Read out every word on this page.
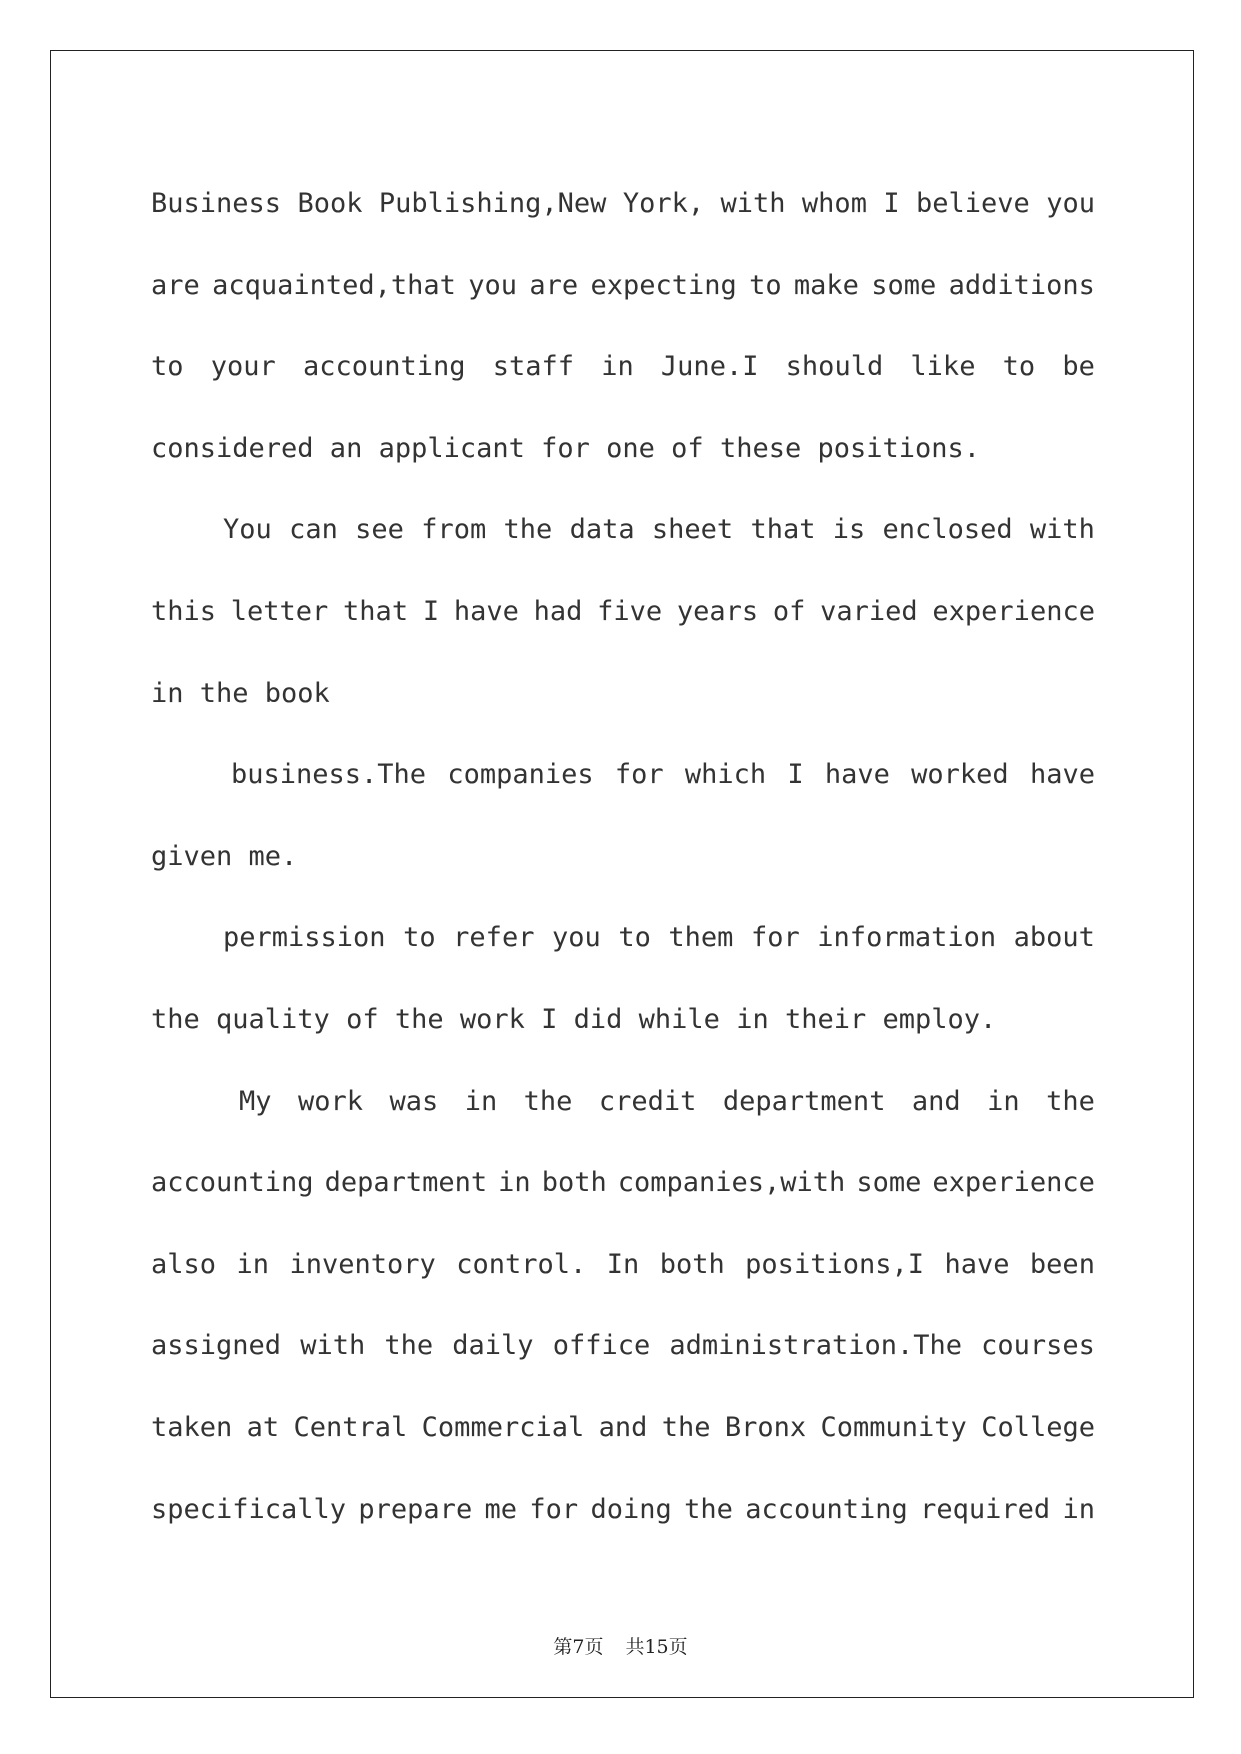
Business Book Publishing,New York, with whom I believe you
are acquainted,that you are expecting to make some additions
to your accounting staff in June.I should like to be
considered an applicant for one of these positions.
You can see from the data sheet that is enclosed with
this letter that I have had five years of varied experience
in the book
business.The companies for which I have worked have
given me.
permission to refer you to them for information about
the quality of the work I did while in their employ.
My work was in the credit department and in the
accounting department in both companies,with some experience
also in inventory control. In both positions,I have been
assigned with the daily office administration.The courses
taken at Central Commercial and the Bronx Community College
specifically prepare me for doing the accounting required in
第7页 共15页
